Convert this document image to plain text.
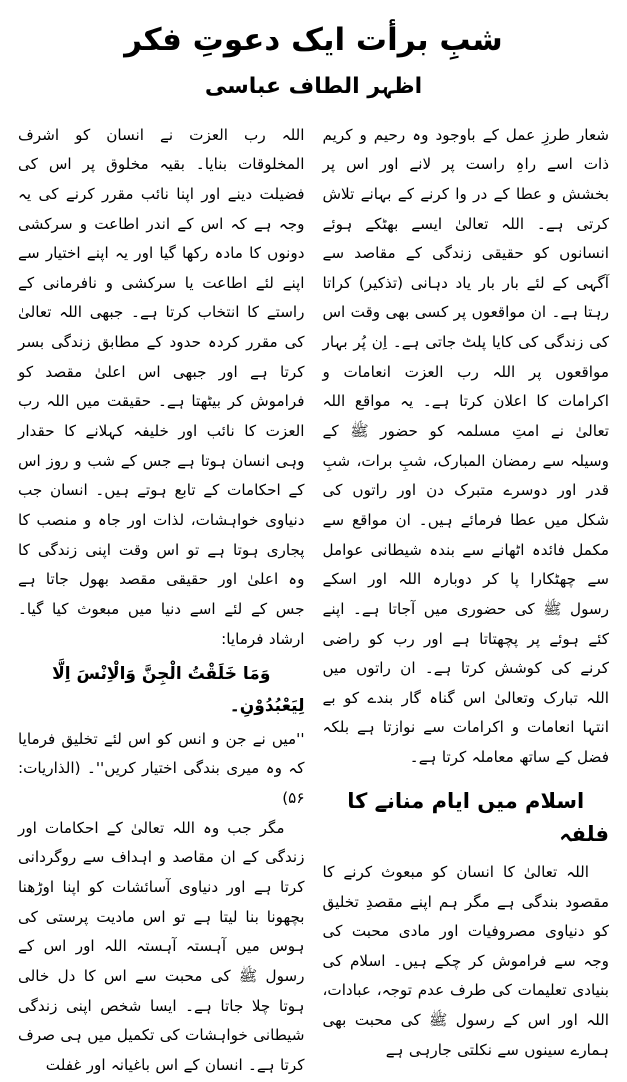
شبِ برأت ایک دعوتِ فکر
اظہر الطاف عباسی

شعار طرزِ عمل کے باوجود وہ رحیم و کریم ذات اسے راہِ راست پر لانے اور اس پر بخشش و عطا کے در وا کرنے کے بہانے تلاش کرتی ہے۔ اللہ تعالیٰ ایسے بھٹکے ہوئے انسانوں کو حقیقی زندگی کے مقاصد سے آگہی کے لئے بار بار یاد دہانی (تذکیر) کراتا رہتا ہے۔ ان مواقعوں پر کسی بھی وقت اس کی زندگی کی کایا پلٹ جاتی ہے۔ اِن پُر بہار مواقعوں پر اللہ رب العزت انعامات و اکرامات کا اعلان کرتا ہے۔ یہ مواقع اللہ تعالیٰ نے امتِ مسلمہ کو حضور ﷺ کے وسیلہ سے رمضان المبارک، شبِ برات، شبِ قدر اور دوسرے متبرک دن اور راتوں کی شکل میں عطا فرمائے ہیں۔ ان مواقع سے مکمل فائدہ اٹھانے سے بندہ شیطانی عوامل سے چھٹکارا پا کر دوبارہ اللہ اور اسکے رسول ﷺ کی حضوری میں آجاتا ہے۔ اپنے کئے ہوئے پر پچھتاتا ہے اور رب کو راضی کرنے کی کوشش کرتا ہے۔ ان راتوں میں اللہ تبارک وتعالیٰ اس گناہ گار بندے کو بے انتہا انعامات و اکرامات سے نوازتا ہے بلکہ فضل کے ساتھ معاملہ کرتا ہے۔

اسلام میں ایام منانے کا فلفہ

اللہ تعالیٰ کا انسان کو مبعوث کرنے کا مقصود بندگی ہے مگر ہم اپنے مقصدِ تخلیق کو دنیاوی مصروفیات اور مادی محبت کی وجہ سے فراموش کر چکے ہیں۔ اسلام کی بنیادی تعلیمات کی طرف عدم توجہ، عبادات، اللہ اور اس کے رسول ﷺ کی محبت بھی ہمارے سینوں سے نکلتی جارہی ہے

اللہ رب العزت نے انسان کو اشرف المخلوقات بنایا۔ بقیہ مخلوق پر اس کی فضیلت دینے اور اپنا نائب مقرر کرنے کی یہ وجہ ہے کہ اس کے اندر اطاعت و سرکشی دونوں کا مادہ رکھا گیا اور یہ اپنے اختیار سے اپنے لئے اطاعت یا سرکشی و نافرمانی کے راستے کا انتخاب کرتا ہے۔ جبھی اللہ تعالیٰ کی مقرر کردہ حدود کے مطابق زندگی بسر کرتا ہے اور جبھی اس اعلیٰ مقصد کو فراموش کر بیٹھتا ہے۔ حقیقت میں اللہ رب العزت کا نائب اور خلیفہ کہلانے کا حقدار وہی انسان ہوتا ہے جس کے شب و روز اس کے احکامات کے تابع ہوتے ہیں۔ انسان جب دنیاوی خواہشات، لذات اور جاہ و منصب کا پجاری ہوتا ہے تو اس وقت اپنی زندگی کا وہ اعلیٰ اور حقیقی مقصد بھول جاتا ہے جس کے لئے اسے دنیا میں مبعوث کیا گیا۔ ارشاد فرمایا:

وَمَا خَلَقْتُ الْجِنَّ وَالْاِنْسَ اِلَّا لِیَعْبُدُوْنِ۔

''میں نے جن و انس کو اس لئے تخلیق فرمایا کہ وہ میری بندگی اختیار کریں''۔ (الذاریات: ۵۶)

مگر جب وہ اللہ تعالیٰ کے احکامات اور زندگی کے ان مقاصد و اہداف سے روگردانی کرتا ہے اور دنیاوی آسائشات کو اپنا اوڑھنا بچھونا بنا لیتا ہے تو اس مادیت پرستی کی ہوس میں آہستہ آہستہ اللہ اور اس کے رسول ﷺ کی محبت سے اس کا دل خالی ہوتا چلا جاتا ہے۔ ایسا شخص اپنی زندگی شیطانی خواہشات کی تکمیل میں ہی صرف کرتا ہے۔ انسان کے اس باغیانہ اور غفلت
